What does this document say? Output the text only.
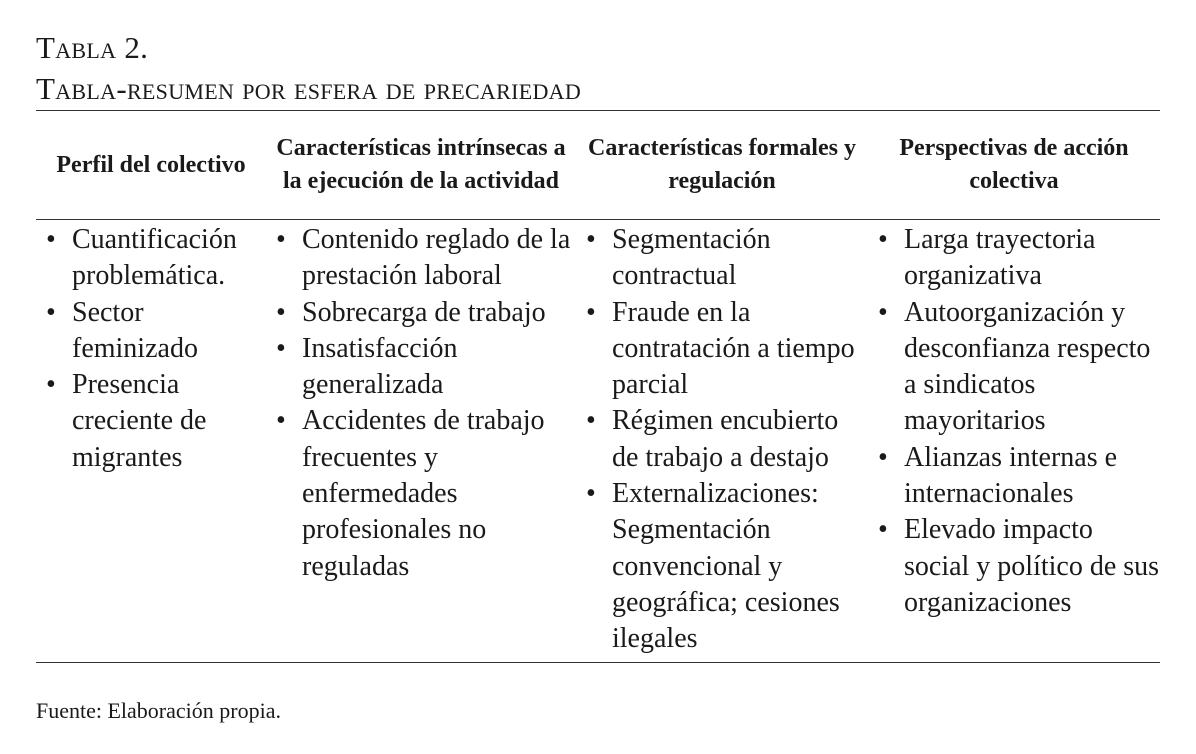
Tabla 2.
Tabla-resumen por esfera de precariedad
Perfil del colectivo
Características intrínsecas a la ejecución de la actividad
Características formales y regulación
Perspectivas de acción colectiva
• Cuantificación problemática.
• Sector feminizado
• Presencia creciente de migrantes
• Contenido reglado de la prestación laboral
• Sobrecarga de trabajo
• Insatisfacción generalizada
• Accidentes de trabajo frecuentes y enfermedades profesionales no reguladas
• Segmentación contractual
• Fraude en la contratación a tiempo parcial
• Régimen encubierto de trabajo a destajo
• Externalizaciones: Segmentación convencional y geográfica; cesiones ilegales
• Larga trayectoria organizativa
• Autoorganización y desconfianza respecto a sindicatos mayoritarios
• Alianzas internas e internacionales
• Elevado impacto social y político de sus organizaciones
Fuente: Elaboración propia.
